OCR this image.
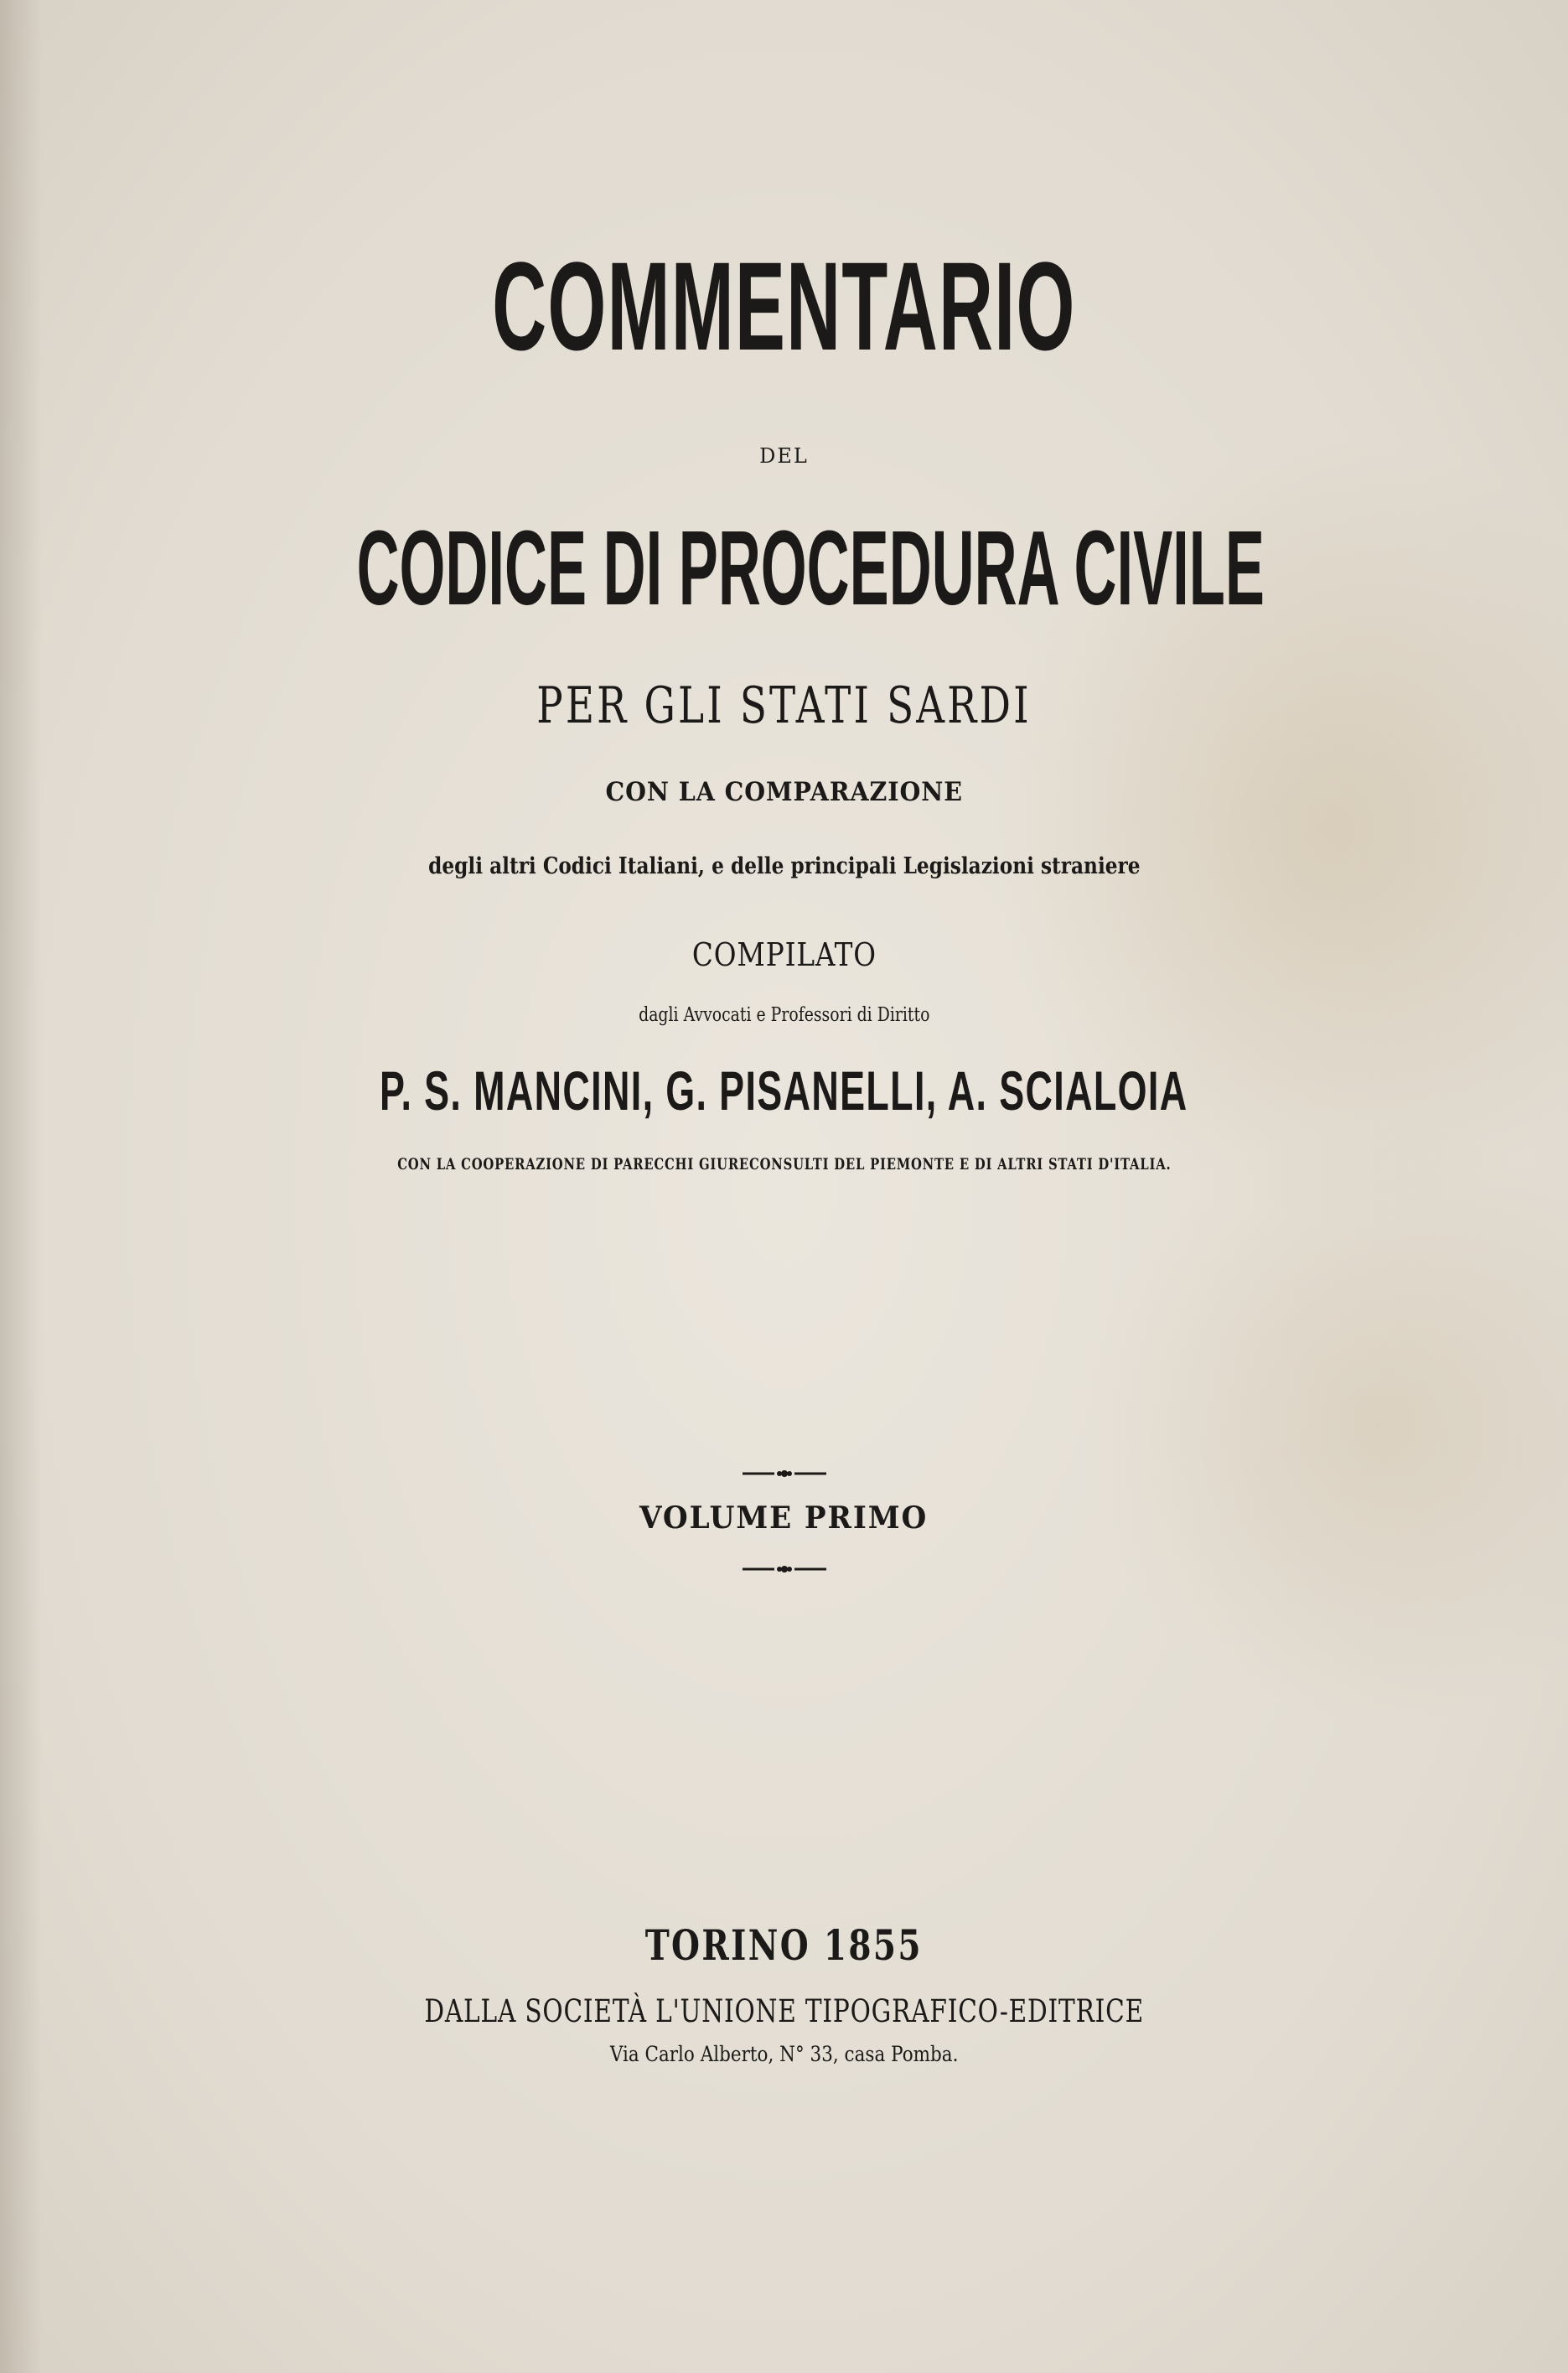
COMMENTARIO

DEL

CODICE DI PROCEDURA CIVILE

PER GLI STATI SARDI

CON LA COMPARAZIONE

degli altri Codici Italiani, e delle principali Legislazioni straniere

COMPILATO

dagli Avvocati e Professori di Diritto

P. S. MANCINI, G. PISANELLI, A. SCIALOIA

CON LA COOPERAZIONE DI PARECCHI GIURECONSULTI DEL PIEMONTE E DI ALTRI STATI D'ITALIA.

VOLUME PRIMO

TORINO 1855

DALLA SOCIETÀ L'UNIONE TIPOGRAFICO-EDITRICE

Via Carlo Alberto, N° 33, casa Pomba.
